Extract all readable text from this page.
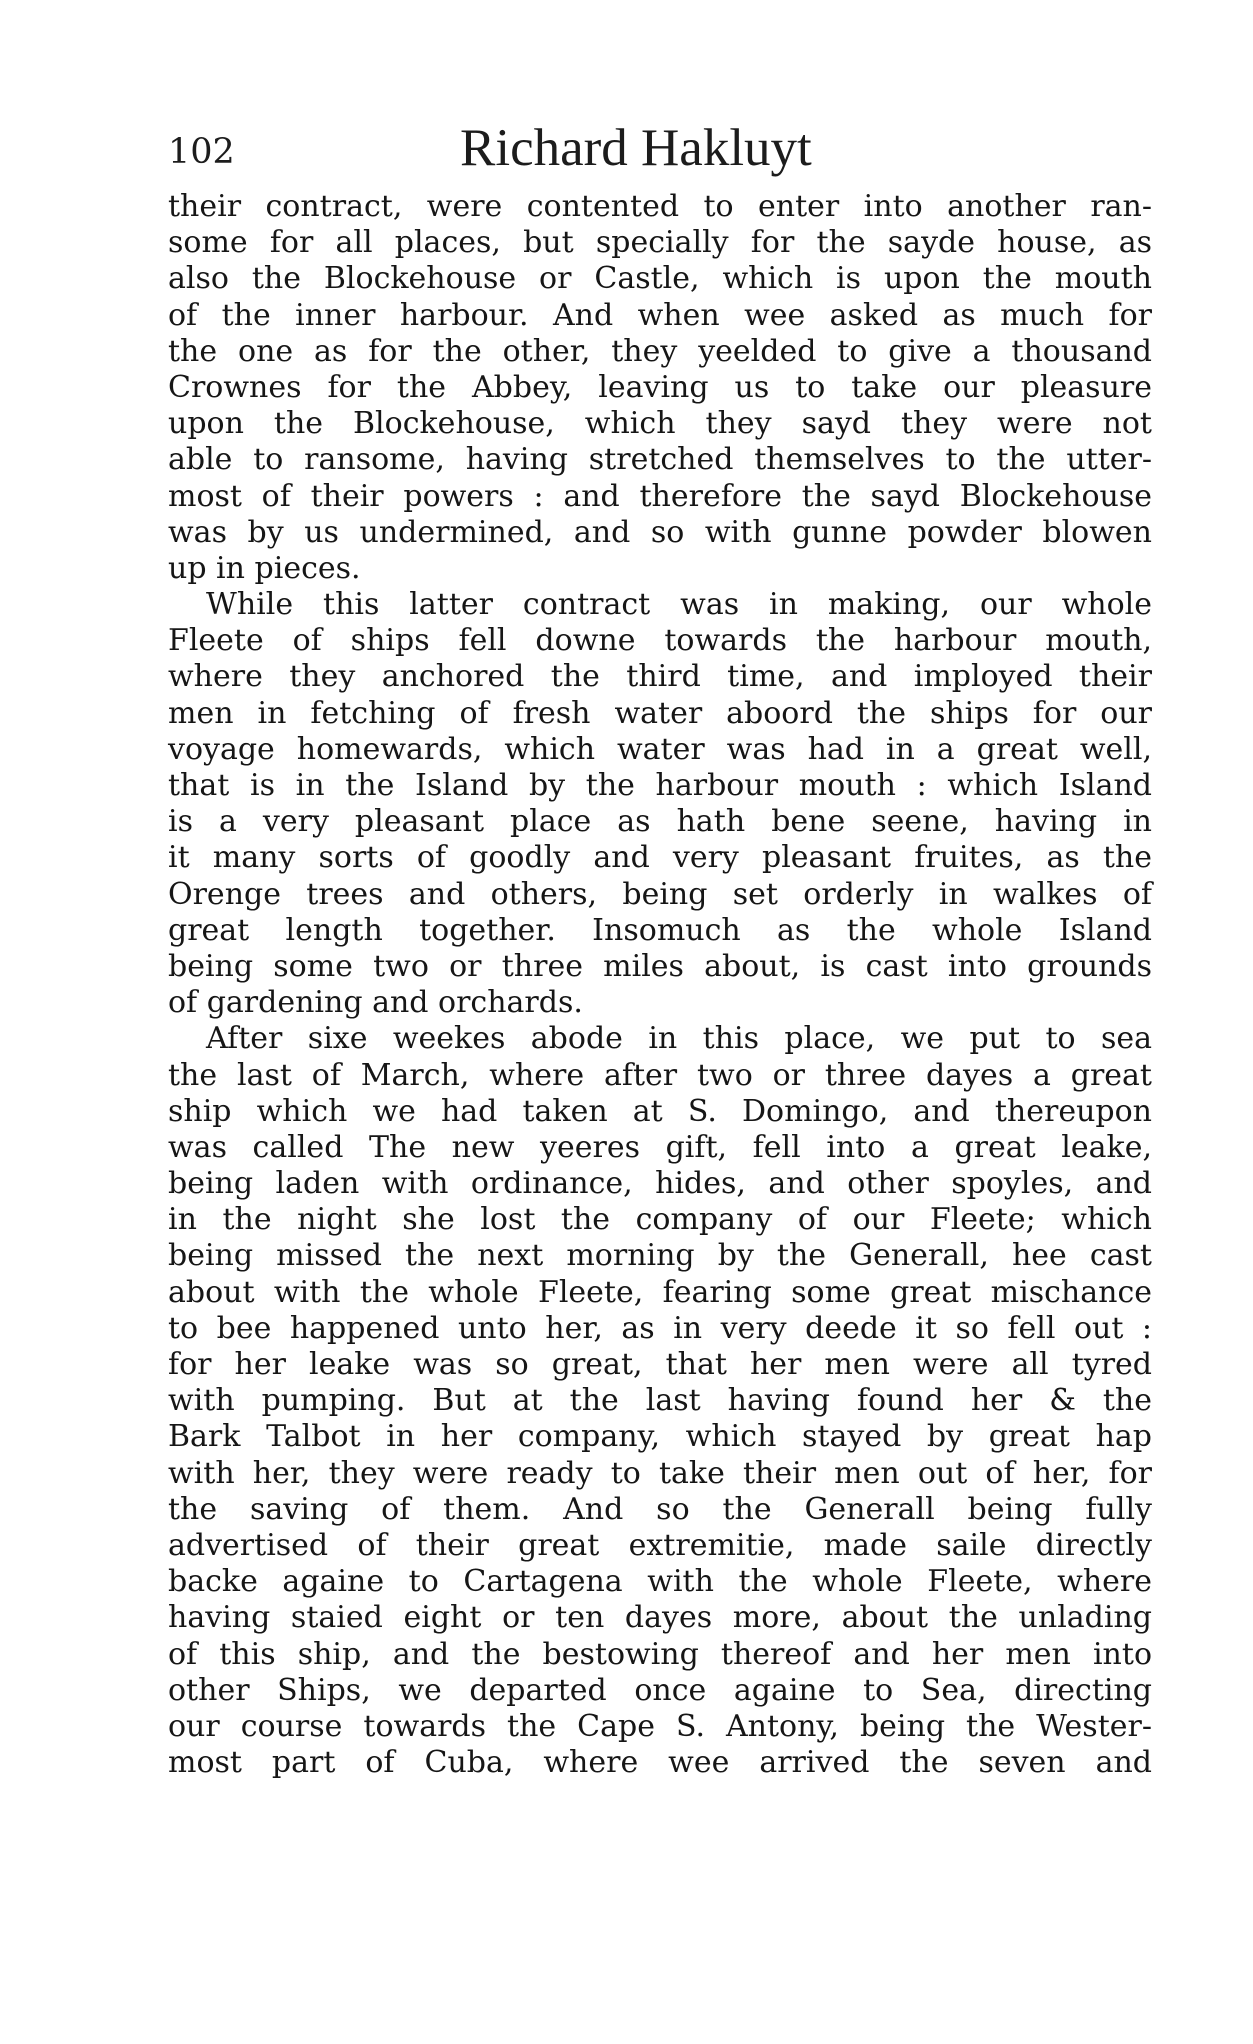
102	Richard Hakluyt
their contract, were contented to enter into another ran-
some for all places, but specially for the sayde house, as
also the Blockehouse or Castle, which is upon the mouth
of the inner harbour. And when wee asked as much for
the one as for the other, they yeelded to give a thousand
Crownes for the Abbey, leaving us to take our pleasure
upon the Blockehouse, which they sayd they were not
able to ransome, having stretched themselves to the utter-
most of their powers : and therefore the sayd Blockehouse
was by us undermined, and so with gunne powder blowen
up in pieces.
While this latter contract was in making, our whole
Fleete of ships fell downe towards the harbour mouth,
where they anchored the third time, and imployed their
men in fetching of fresh water aboord the ships for our
voyage homewards, which water was had in a great well,
that is in the Island by the harbour mouth : which Island
is a very pleasant place as hath bene seene, having in
it many sorts of goodly and very pleasant fruites, as the
Orenge trees and others, being set orderly in walkes of
great length together. Insomuch as the whole Island
being some two or three miles about, is cast into grounds
of gardening and orchards.
After sixe weekes abode in this place, we put to sea
the last of March, where after two or three dayes a great
ship which we had taken at S. Domingo, and thereupon
was called The new yeeres gift, fell into a great leake,
being laden with ordinance, hides, and other spoyles, and
in the night she lost the company of our Fleete; which
being missed the next morning by the Generall, hee cast
about with the whole Fleete, fearing some great mischance
to bee happened unto her, as in very deede it so fell out :
for her leake was so great, that her men were all tyred
with pumping. But at the last having found her & the
Bark Talbot in her company, which stayed by great hap
with her, they were ready to take their men out of her, for
the saving of them. And so the Generall being fully
advertised of their great extremitie, made saile directly
backe againe to Cartagena with the whole Fleete, where
having staied eight or ten dayes more, about the unlading
of this ship, and the bestowing thereof and her men into
other Ships, we departed once againe to Sea, directing
our course towards the Cape S. Antony, being the Wester-
most part of Cuba, where wee arrived the seven and
